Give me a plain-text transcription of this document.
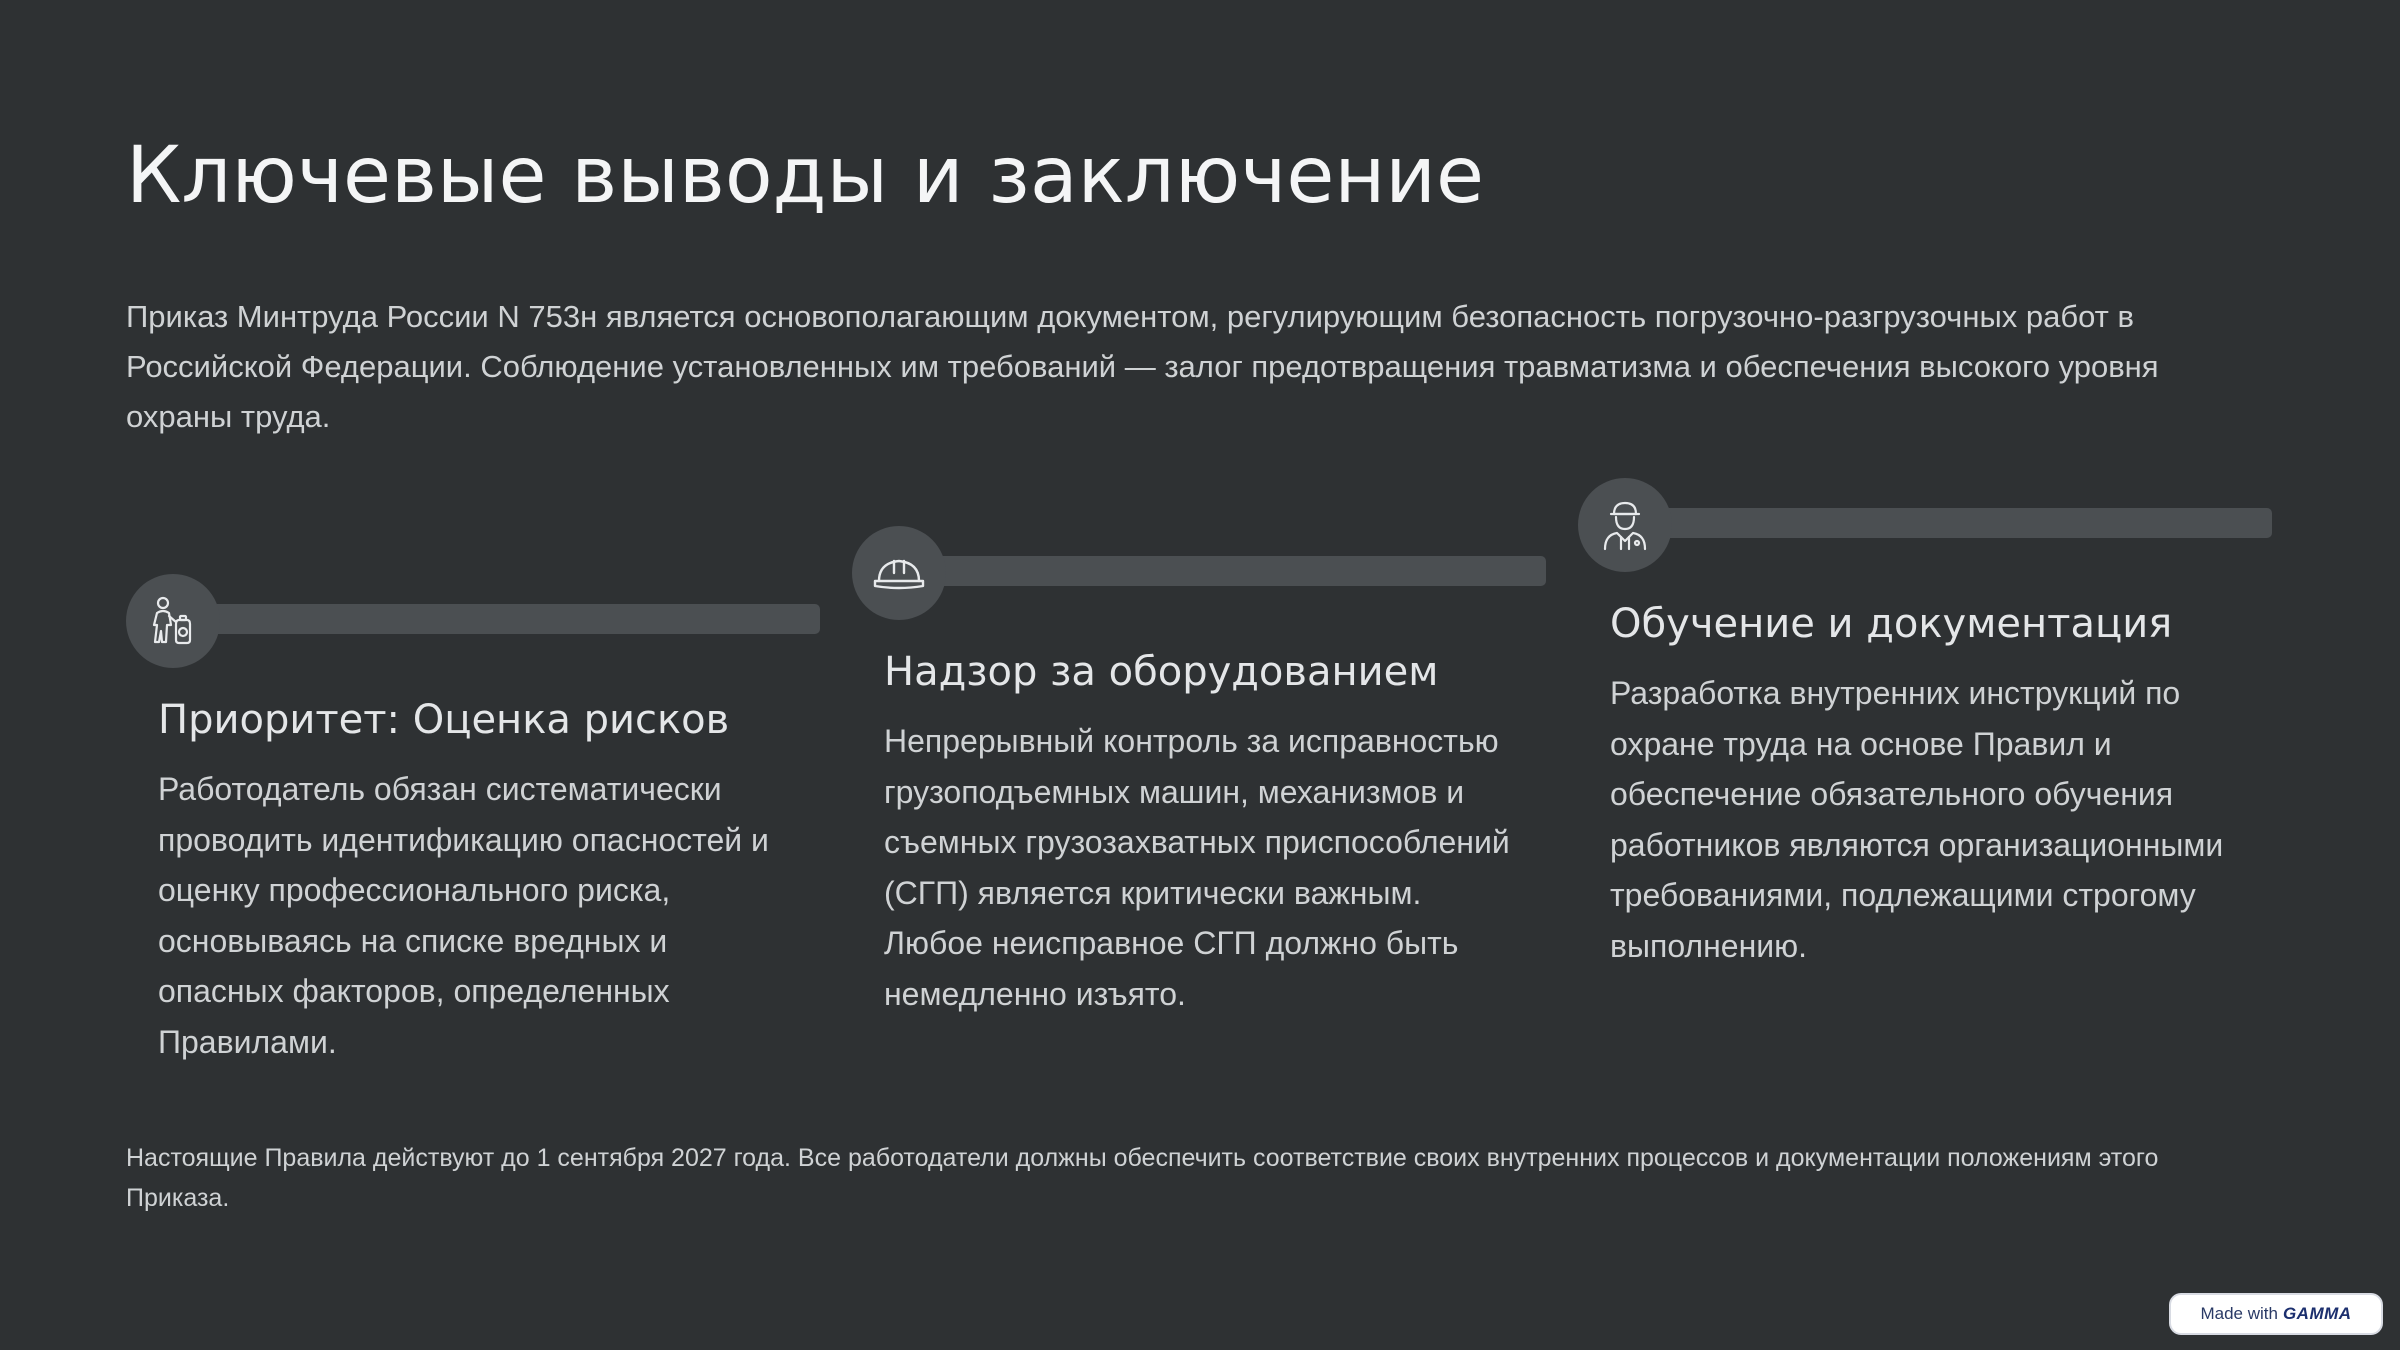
Ключевые выводы и заключение

Приказ Минтруда России N 753н является основополагающим документом, регулирующим безопасность погрузочно-разгрузочных работ в Российской Федерации. Соблюдение установленных им требований — залог предотвращения травматизма и обеспечения высокого уровня охраны труда.

Приоритет: Оценка рисков

Работодатель обязан систематически проводить идентификацию опасностей и оценку профессионального риска, основываясь на списке вредных и опасных факторов, определенных Правилами.

Надзор за оборудованием

Непрерывный контроль за исправностью грузоподъемных машин, механизмов и съемных грузозахватных приспособлений (СГП) является критически важным. Любое неисправное СГП должно быть немедленно изъято.

Обучение и документация

Разработка внутренних инструкций по охране труда на основе Правил и обеспечение обязательного обучения работников являются организационными требованиями, подлежащими строгому выполнению.

Настоящие Правила действуют до 1 сентября 2027 года. Все работодатели должны обеспечить соответствие своих внутренних процессов и документации положениям этого Приказа.

Made with GAMMA
